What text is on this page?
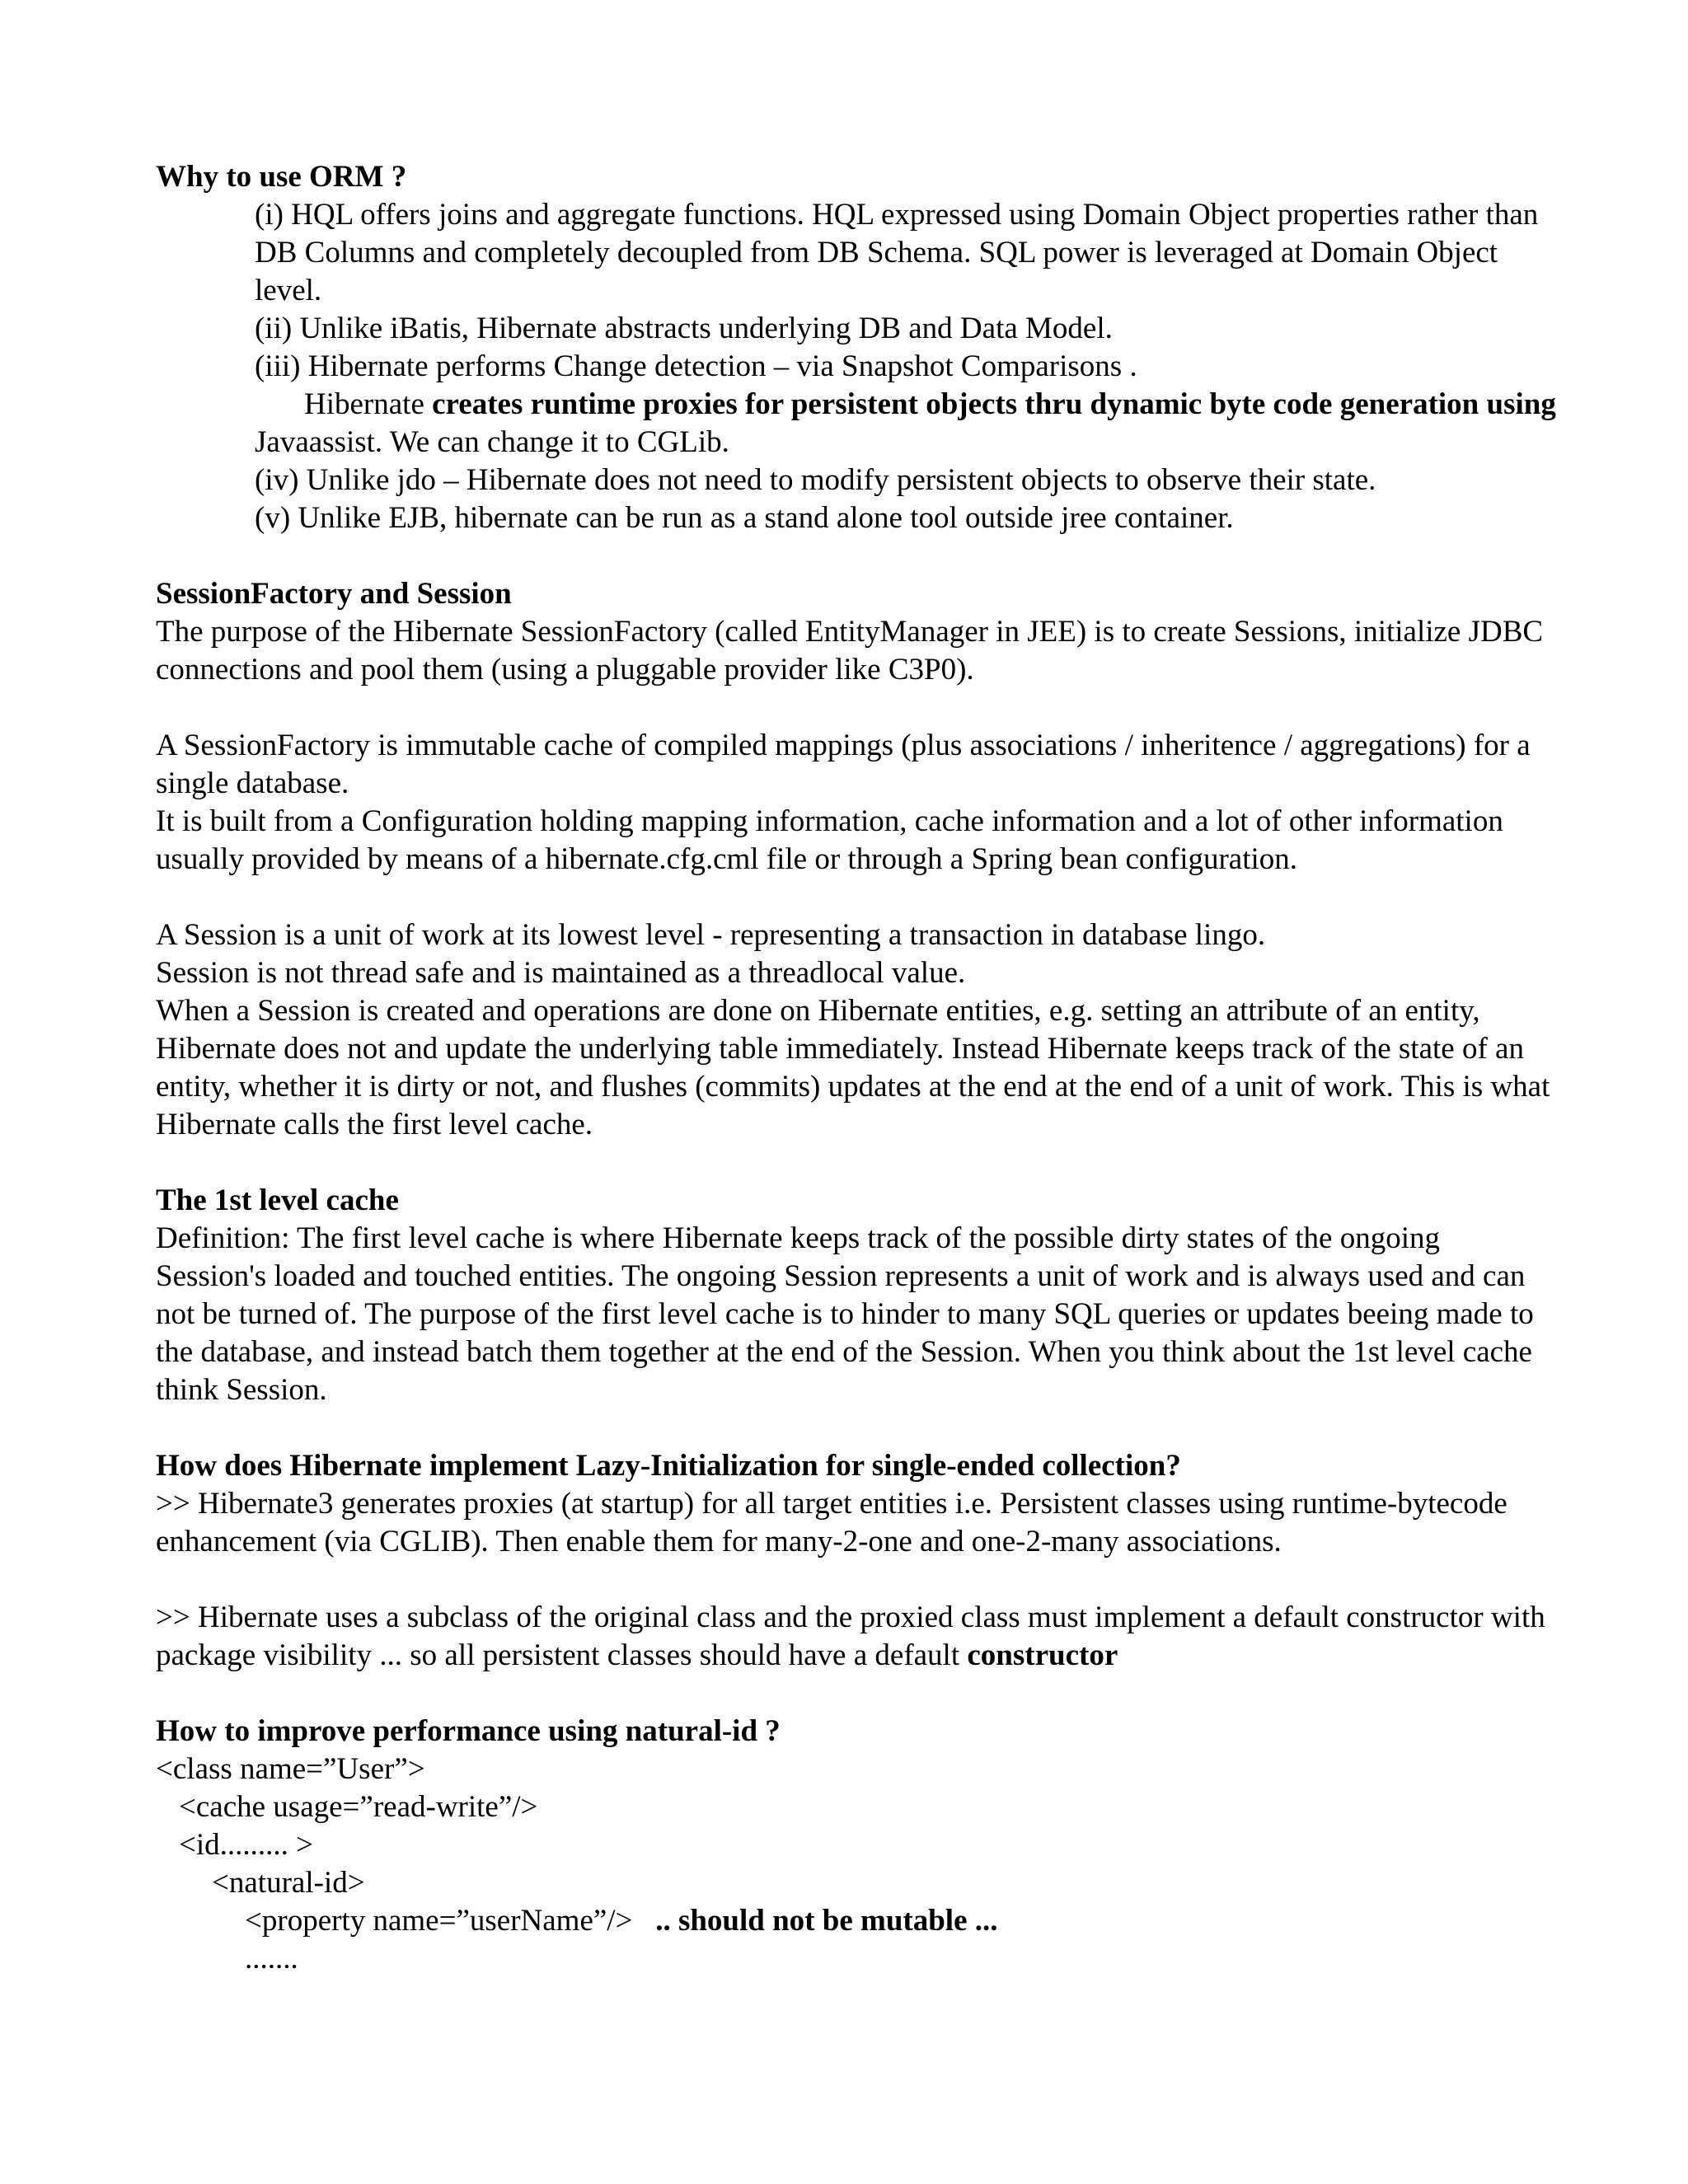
Why to use ORM ?

(i) HQL offers joins and aggregate functions. HQL expressed using Domain Object properties rather than DB Columns and completely decoupled from DB Schema. SQL power is leveraged at Domain Object level.

(ii) Unlike iBatis, Hibernate abstracts underlying DB and Data Model.

(iii) Hibernate performs Change detection – via Snapshot Comparisons .

Hibernate creates runtime proxies for persistent objects thru dynamic byte code generation using Javaassist. We can change it to CGLib.

(iv) Unlike jdo – Hibernate does not need to modify persistent objects to observe their state.

(v) Unlike EJB, hibernate can be run as a stand alone tool outside jree container.

SessionFactory and Session

The purpose of the Hibernate SessionFactory (called EntityManager in JEE) is to create Sessions, initialize JDBC connections and pool them (using a pluggable provider like C3P0).

A SessionFactory is immutable cache of compiled mappings (plus associations / inheritence / aggregations) for a single database.

It is built from a Configuration holding mapping information, cache information and a lot of other information usually provided by means of a hibernate.cfg.cml file or through a Spring bean configuration.

A Session is a unit of work at its lowest level - representing a transaction in database lingo.

Session is not thread safe and is maintained as a threadlocal value.

When a Session is created and operations are done on Hibernate entities, e.g. setting an attribute of an entity, Hibernate does not and update the underlying table immediately. Instead Hibernate keeps track of the state of an entity, whether it is dirty or not, and flushes (commits) updates at the end at the end of a unit of work. This is what Hibernate calls the first level cache.

The 1st level cache

Definition: The first level cache is where Hibernate keeps track of the possible dirty states of the ongoing Session's loaded and touched entities. The ongoing Session represents a unit of work and is always used and can not be turned of. The purpose of the first level cache is to hinder to many SQL queries or updates beeing made to the database, and instead batch them together at the end of the Session. When you think about the 1st level cache think Session.

How does Hibernate implement Lazy-Initialization for single-ended collection?

>> Hibernate3 generates proxies (at startup) for all target entities i.e. Persistent classes using runtime-bytecode enhancement (via CGLIB). Then enable them for many-2-one and one-2-many associations.

>> Hibernate uses a subclass of the original class and the proxied class must implement a default constructor with package visibility ... so all persistent classes should have a default constructor

How to improve performance using natural-id ?

<class name=”User”>

<cache usage=”read-write”/>

<id......... >

<natural-id>

<property name=”userName”/>   .. should not be mutable ...

.......
